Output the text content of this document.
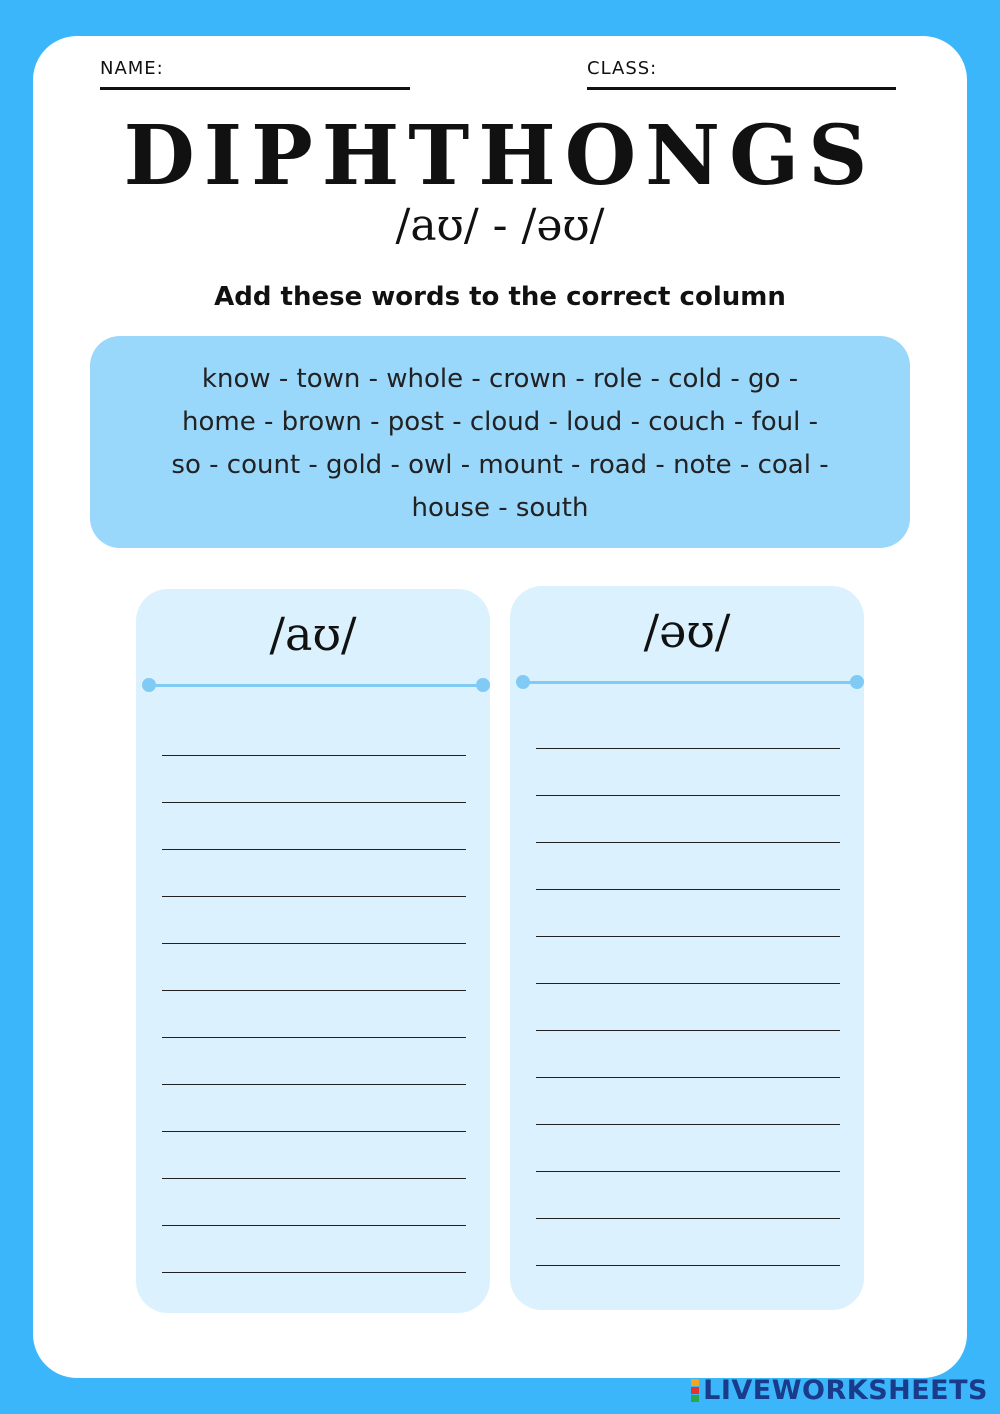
NAME:	CLASS:
DIPHTHONGS
/aʊ/ - /əʊ/
Add these words to the correct column
know - town - whole - crown - role - cold - go -
home - brown - post - cloud - loud - couch - foul -
so - count - gold - owl - mount - road - note - coal -
house - south
/aʊ/	/əʊ/
LIVEWORKSHEETS
